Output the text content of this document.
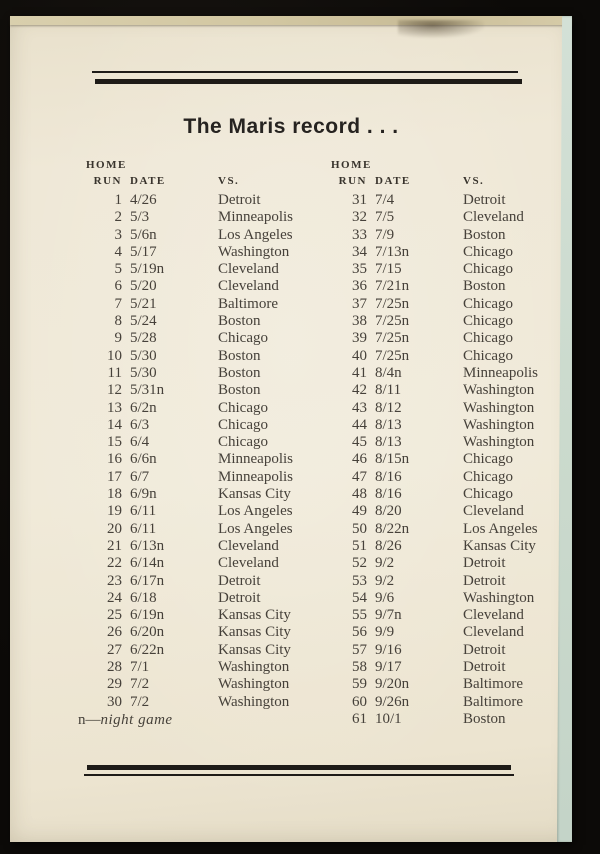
The Maris record . . .
HOME
RUN DATE	VS.
1 4/26	Detroit
2 5/3	Minneapolis
3 5/6n	Los Angeles
4 5/17	Washington
5 5/19n	Cleveland
6 5/20	Cleveland
7 5/21	Baltimore
8 5/24	Boston
9 5/28	Chicago
10 5/30	Boston
11 5/30	Boston
12 5/31n	Boston
13 6/2n	Chicago
14 6/3	Chicago
15 6/4	Chicago
16 6/6n	Minneapolis
17 6/7	Minneapolis
18 6/9n	Kansas City
19 6/11	Los Angeles
20 6/11	Los Angeles
21 6/13n	Cleveland
22 6/14n	Cleveland
23 6/17n	Detroit
24 6/18	Detroit
25 6/19n	Kansas City
26 6/20n	Kansas City
27 6/22n	Kansas City
28 7/1	Washington
29 7/2	Washington
30 7/2	Washington
n—night game
HOME
RUN DATE	VS.
31 7/4	Detroit
32 7/5	Cleveland
33 7/9	Boston
34 7/13n	Chicago
35 7/15	Chicago
36 7/21n	Boston
37 7/25n	Chicago
38 7/25n	Chicago
39 7/25n	Chicago
40 7/25n	Chicago
41 8/4n	Minneapolis
42 8/11	Washington
43 8/12	Washington
44 8/13	Washington
45 8/13	Washington
46 8/15n	Chicago
47 8/16	Chicago
48 8/16	Chicago
49 8/20	Cleveland
50 8/22n	Los Angeles
51 8/26	Kansas City
52 9/2	Detroit
53 9/2	Detroit
54 9/6	Washington
55 9/7n	Cleveland
56 9/9	Cleveland
57 9/16	Detroit
58 9/17	Detroit
59 9/20n	Baltimore
60 9/26n	Baltimore
61 10/1	Boston
